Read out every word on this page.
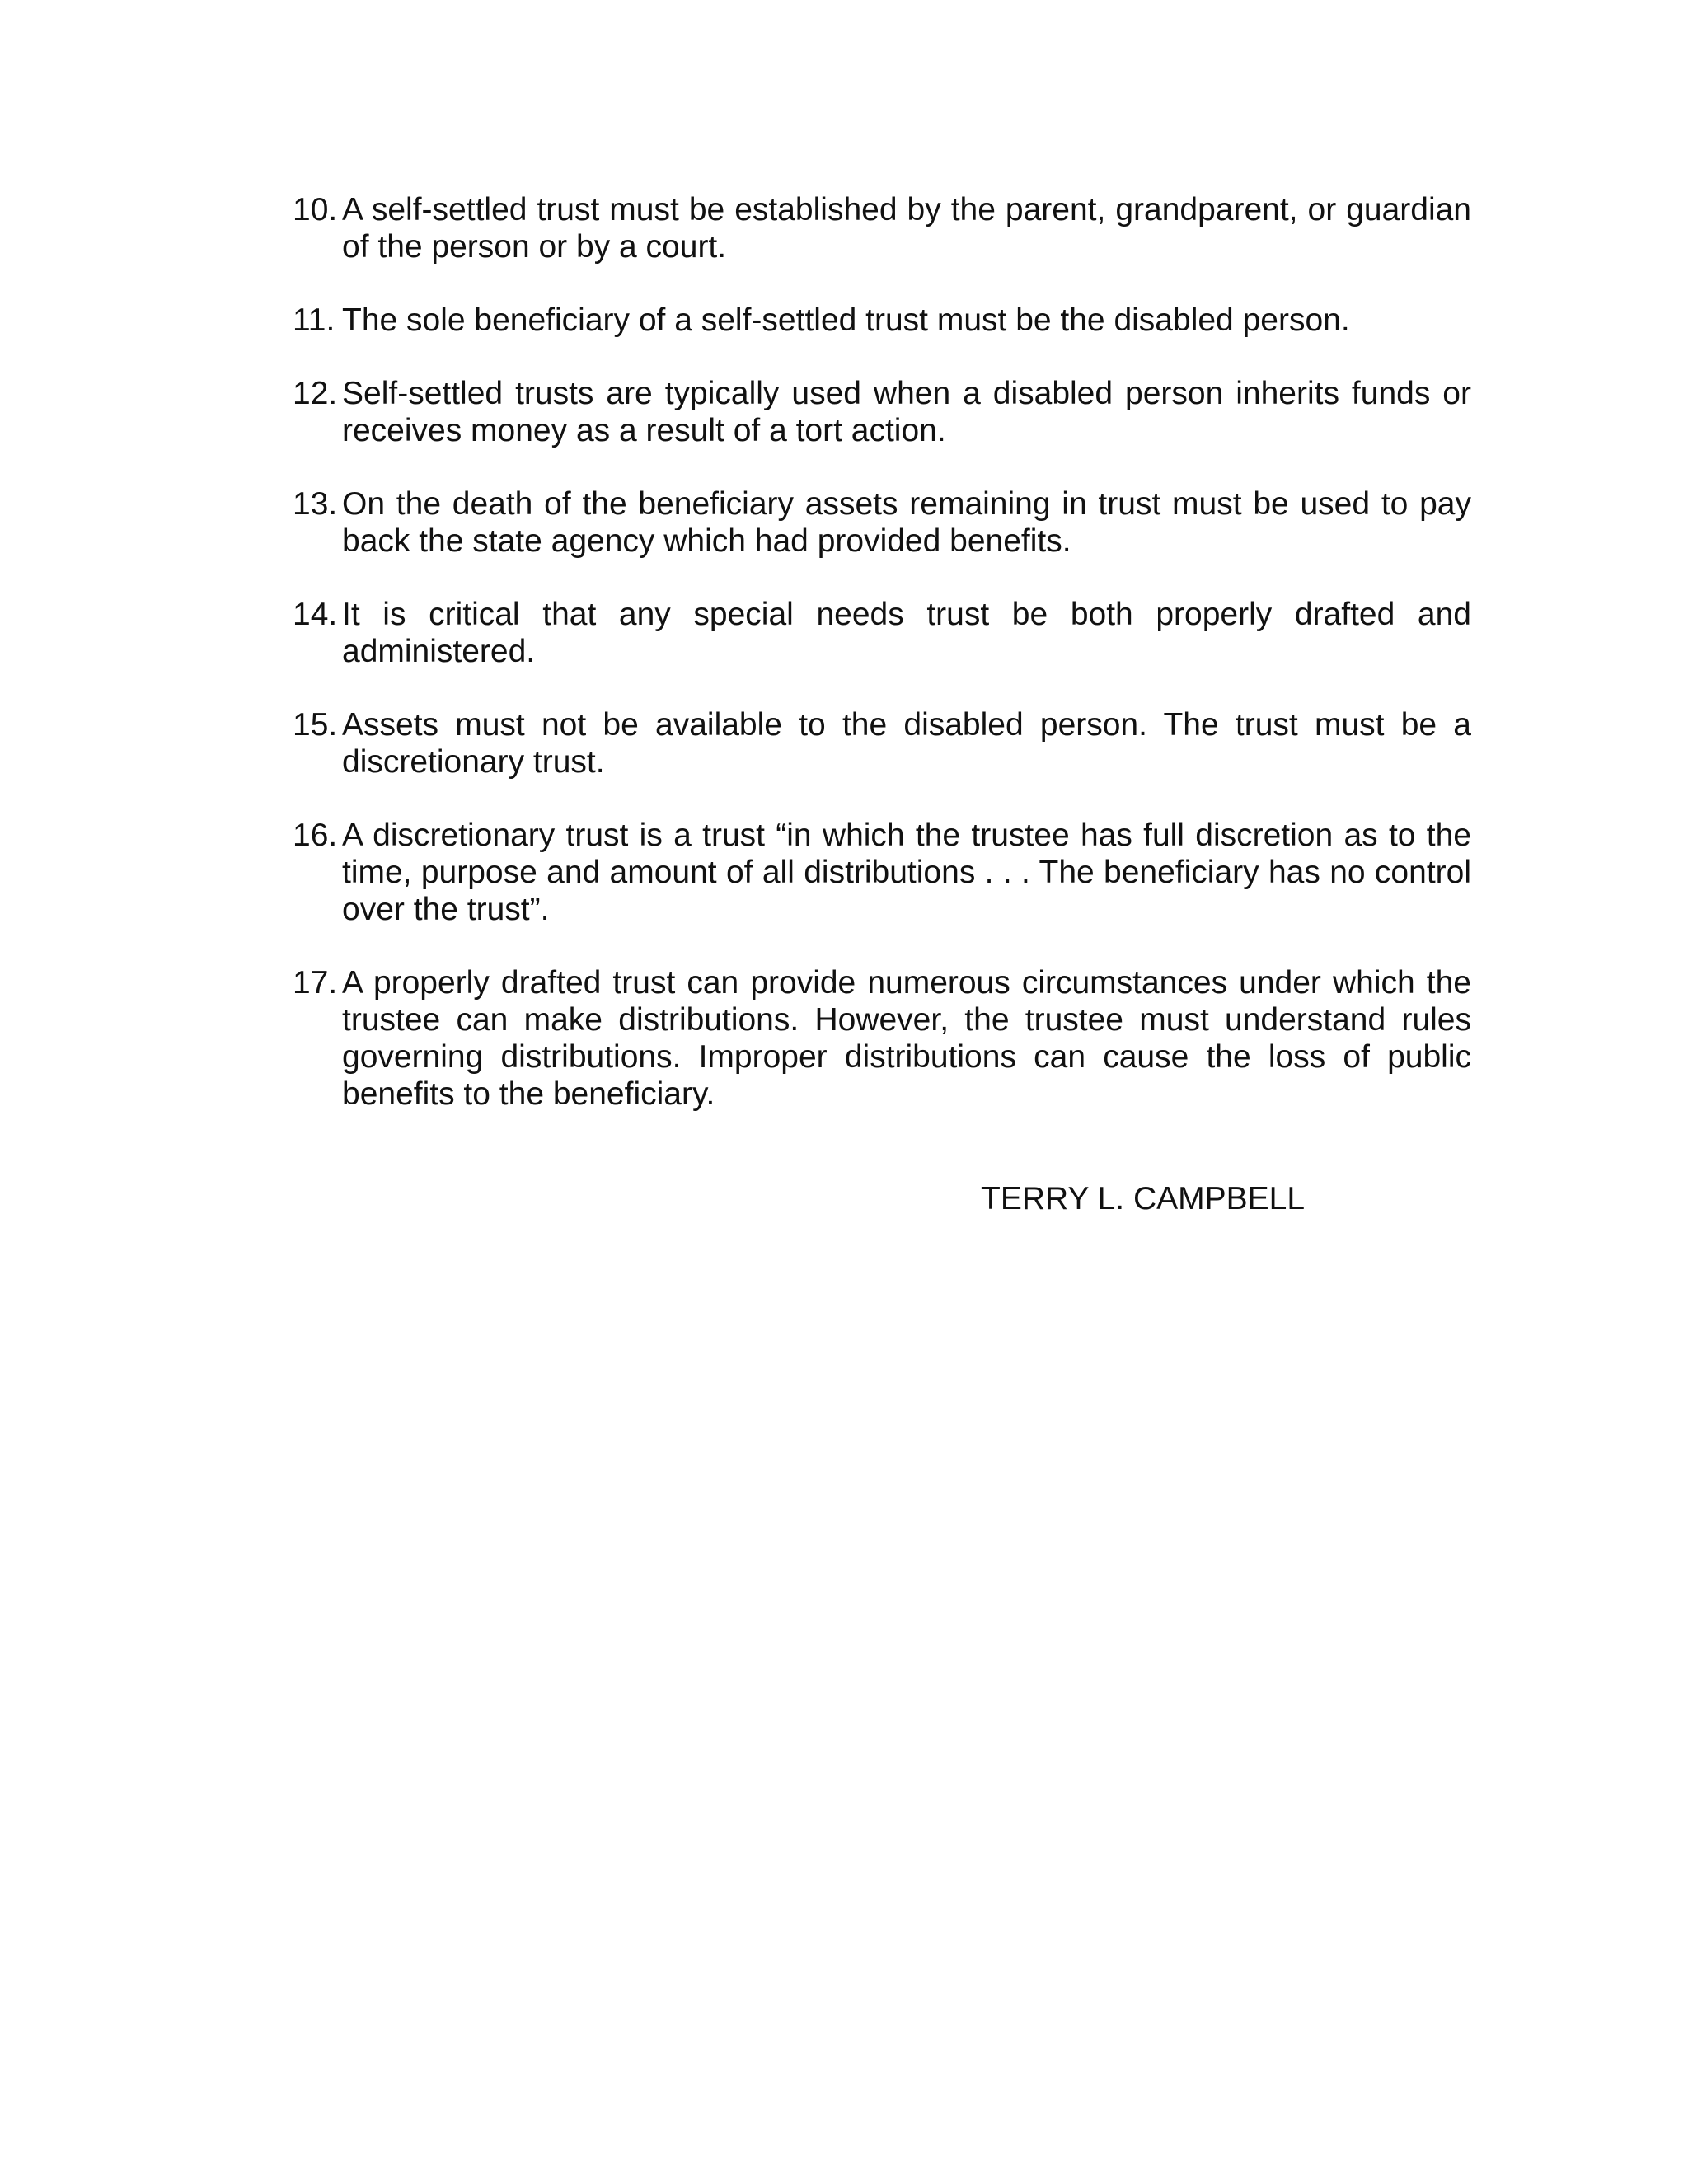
10. A self-settled trust must be established by the parent, grandparent, or guardian of the person or by a court.
11. The sole beneficiary of a self-settled trust must be the disabled person.
12. Self-settled trusts are typically used when a disabled person inherits funds or receives money as a result of a tort action.
13. On the death of the beneficiary assets remaining in trust must be used to pay back the state agency which had provided benefits.
14. It is critical that any special needs trust be both properly drafted and administered.
15. Assets must not be available to the disabled person. The trust must be a discretionary trust.
16. A discretionary trust is a trust “in which the trustee has full discretion as to the time, purpose and amount of all distributions . . . The beneficiary has no control over the trust”.
17. A properly drafted trust can provide numerous circumstances under which the trustee can make distributions. However, the trustee must understand rules governing distributions. Improper distributions can cause the loss of public benefits to the beneficiary.
TERRY L. CAMPBELL
